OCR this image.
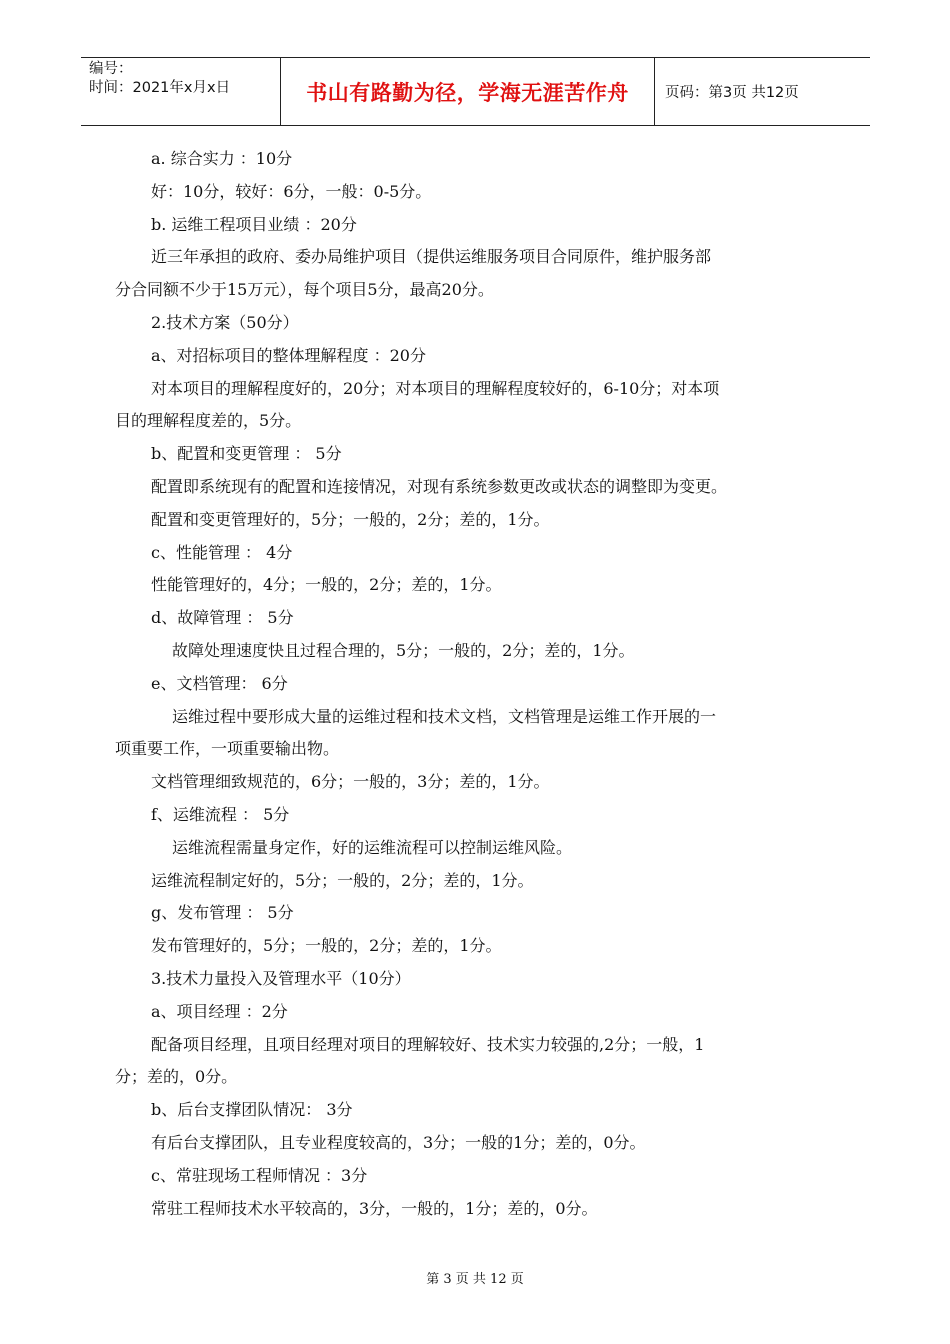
编号：
时间：2021年x月x日	书山有路勤为径，学海无涯苦作舟	页码：第3页 共12页

a. 综合实力 ：10分

好：10分，较好：6分，一般：0-5分。

b. 运维工程项目业绩 ：20分

近三年承担的政府、委办局维护项目（提供运维服务项目合同原件，维护服务部

分合同额不少于15万元），每个项目5分，最高20分。

2.技术方案（50分）

a、对招标项目的整体理解程度 ：20分

对本项目的理解程度好的，20分；对本项目的理解程度较好的，6-10分；对本项

目的理解程度差的，5分。

b、配置和变更管理 ： 5分

配置即系统现有的配置和连接情况，对现有系统参数更改或状态的调整即为变更。

配置和变更管理好的，5分；一般的，2分；差的，1分。

c、性能管理 ： 4分

性能管理好的，4分；一般的，2分；差的，1分。

d、故障管理 ： 5分

故障处理速度快且过程合理的，5分；一般的，2分；差的，1分。

e、文档管理： 6分

运维过程中要形成大量的运维过程和技术文档，文档管理是运维工作开展的一

项重要工作，一项重要输出物。

文档管理细致规范的，6分；一般的，3分；差的，1分。

f、运维流程 ： 5分

运维流程需量身定作，好的运维流程可以控制运维风险。

运维流程制定好的，5分；一般的，2分；差的，1分。

g、发布管理 ： 5分

发布管理好的，5分；一般的，2分；差的，1分。

3.技术力量投入及管理水平（10分）

a、项目经理 ：2分

配备项目经理，且项目经理对项目的理解较好、技术实力较强的,2分；一般，1

分；差的，0分。

b、后台支撑团队情况： 3分

有后台支撑团队，且专业程度较高的，3分；一般的1分；差的，0分。

c、常驻现场工程师情况 ：3分

常驻工程师技术水平较高的，3分，一般的，1分；差的，0分。

第 3 页 共 12 页
